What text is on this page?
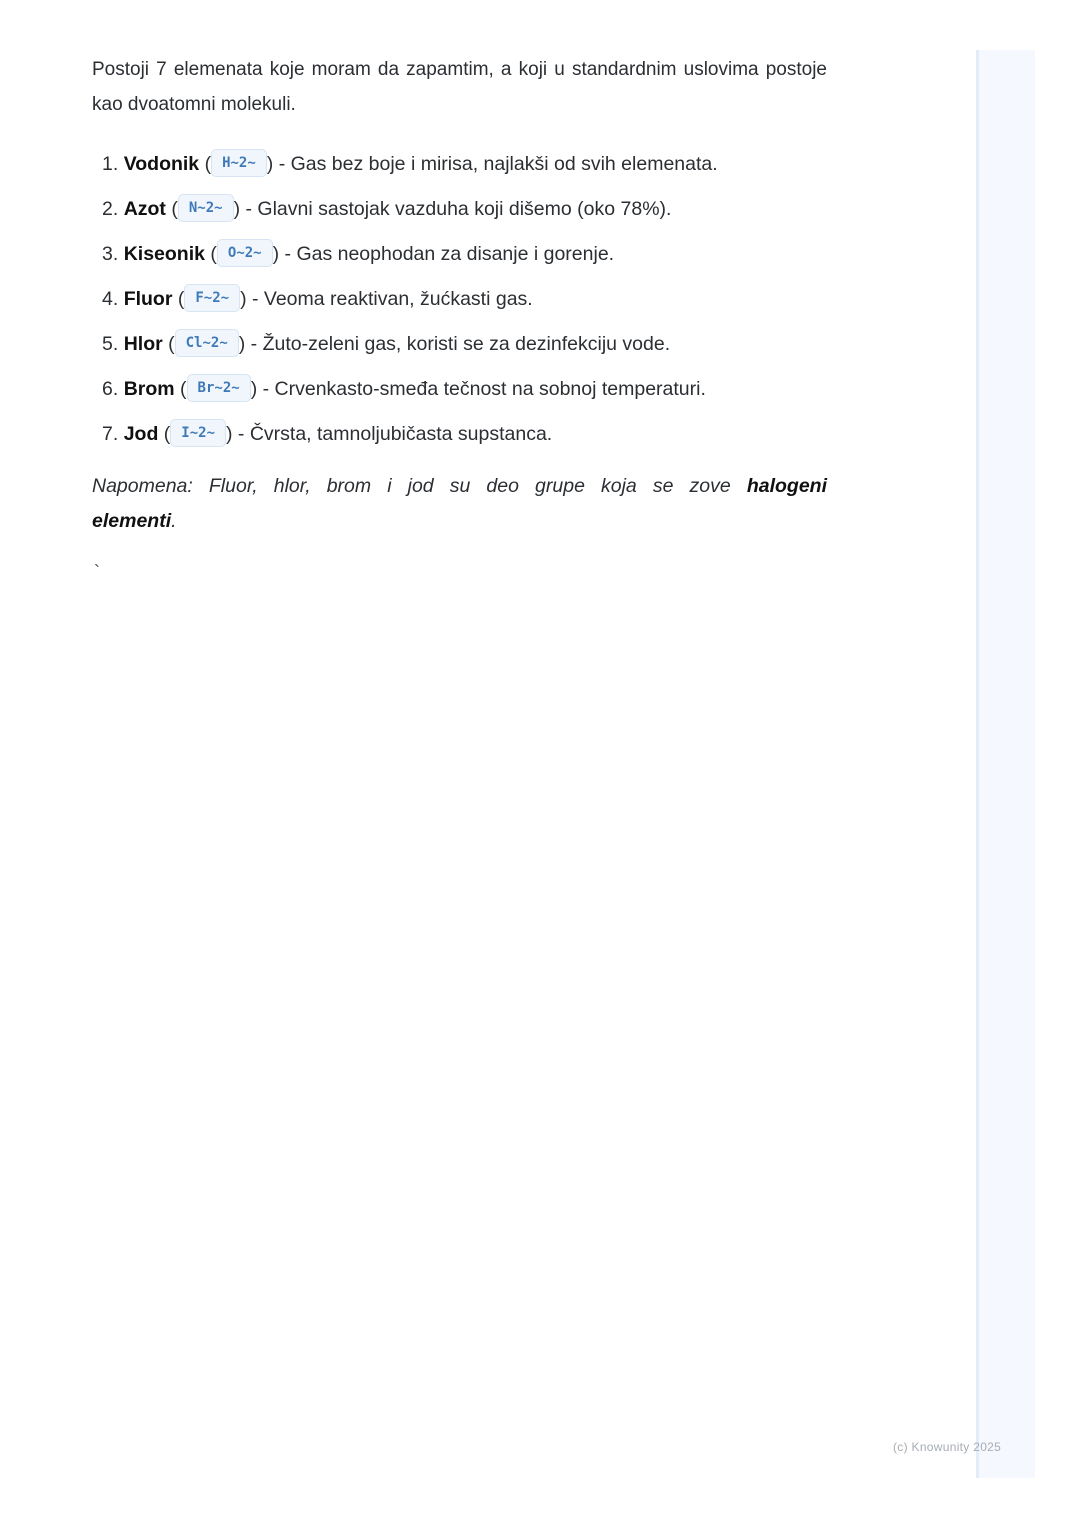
Postoji 7 elemenata koje moram da zapamtim, a koji u standardnim uslovima postoje kao dvoatomni molekuli.

1. Vodonik ( H~2~ ) - Gas bez boje i mirisa, najlakši od svih elemenata.
2. Azot ( N~2~ ) - Glavni sastojak vazduha koji dišemo (oko 78%).
3. Kiseonik ( O~2~ ) - Gas neophodan za disanje i gorenje.
4. Fluor ( F~2~ ) - Veoma reaktivan, žućkasti gas.
5. Hlor ( Cl~2~ ) - Žuto-zeleni gas, koristi se za dezinfekciju vode.
6. Brom ( Br~2~ ) - Crvenkasto-smeđa tečnost na sobnoj temperaturi.
7. Jod ( I~2~ ) - Čvrsta, tamnoljubičasta supstanca.

Napomena: Fluor, hlor, brom i jod su deo grupe koja se zove halogeni elementi.

`
(c) Knowunity 2025
